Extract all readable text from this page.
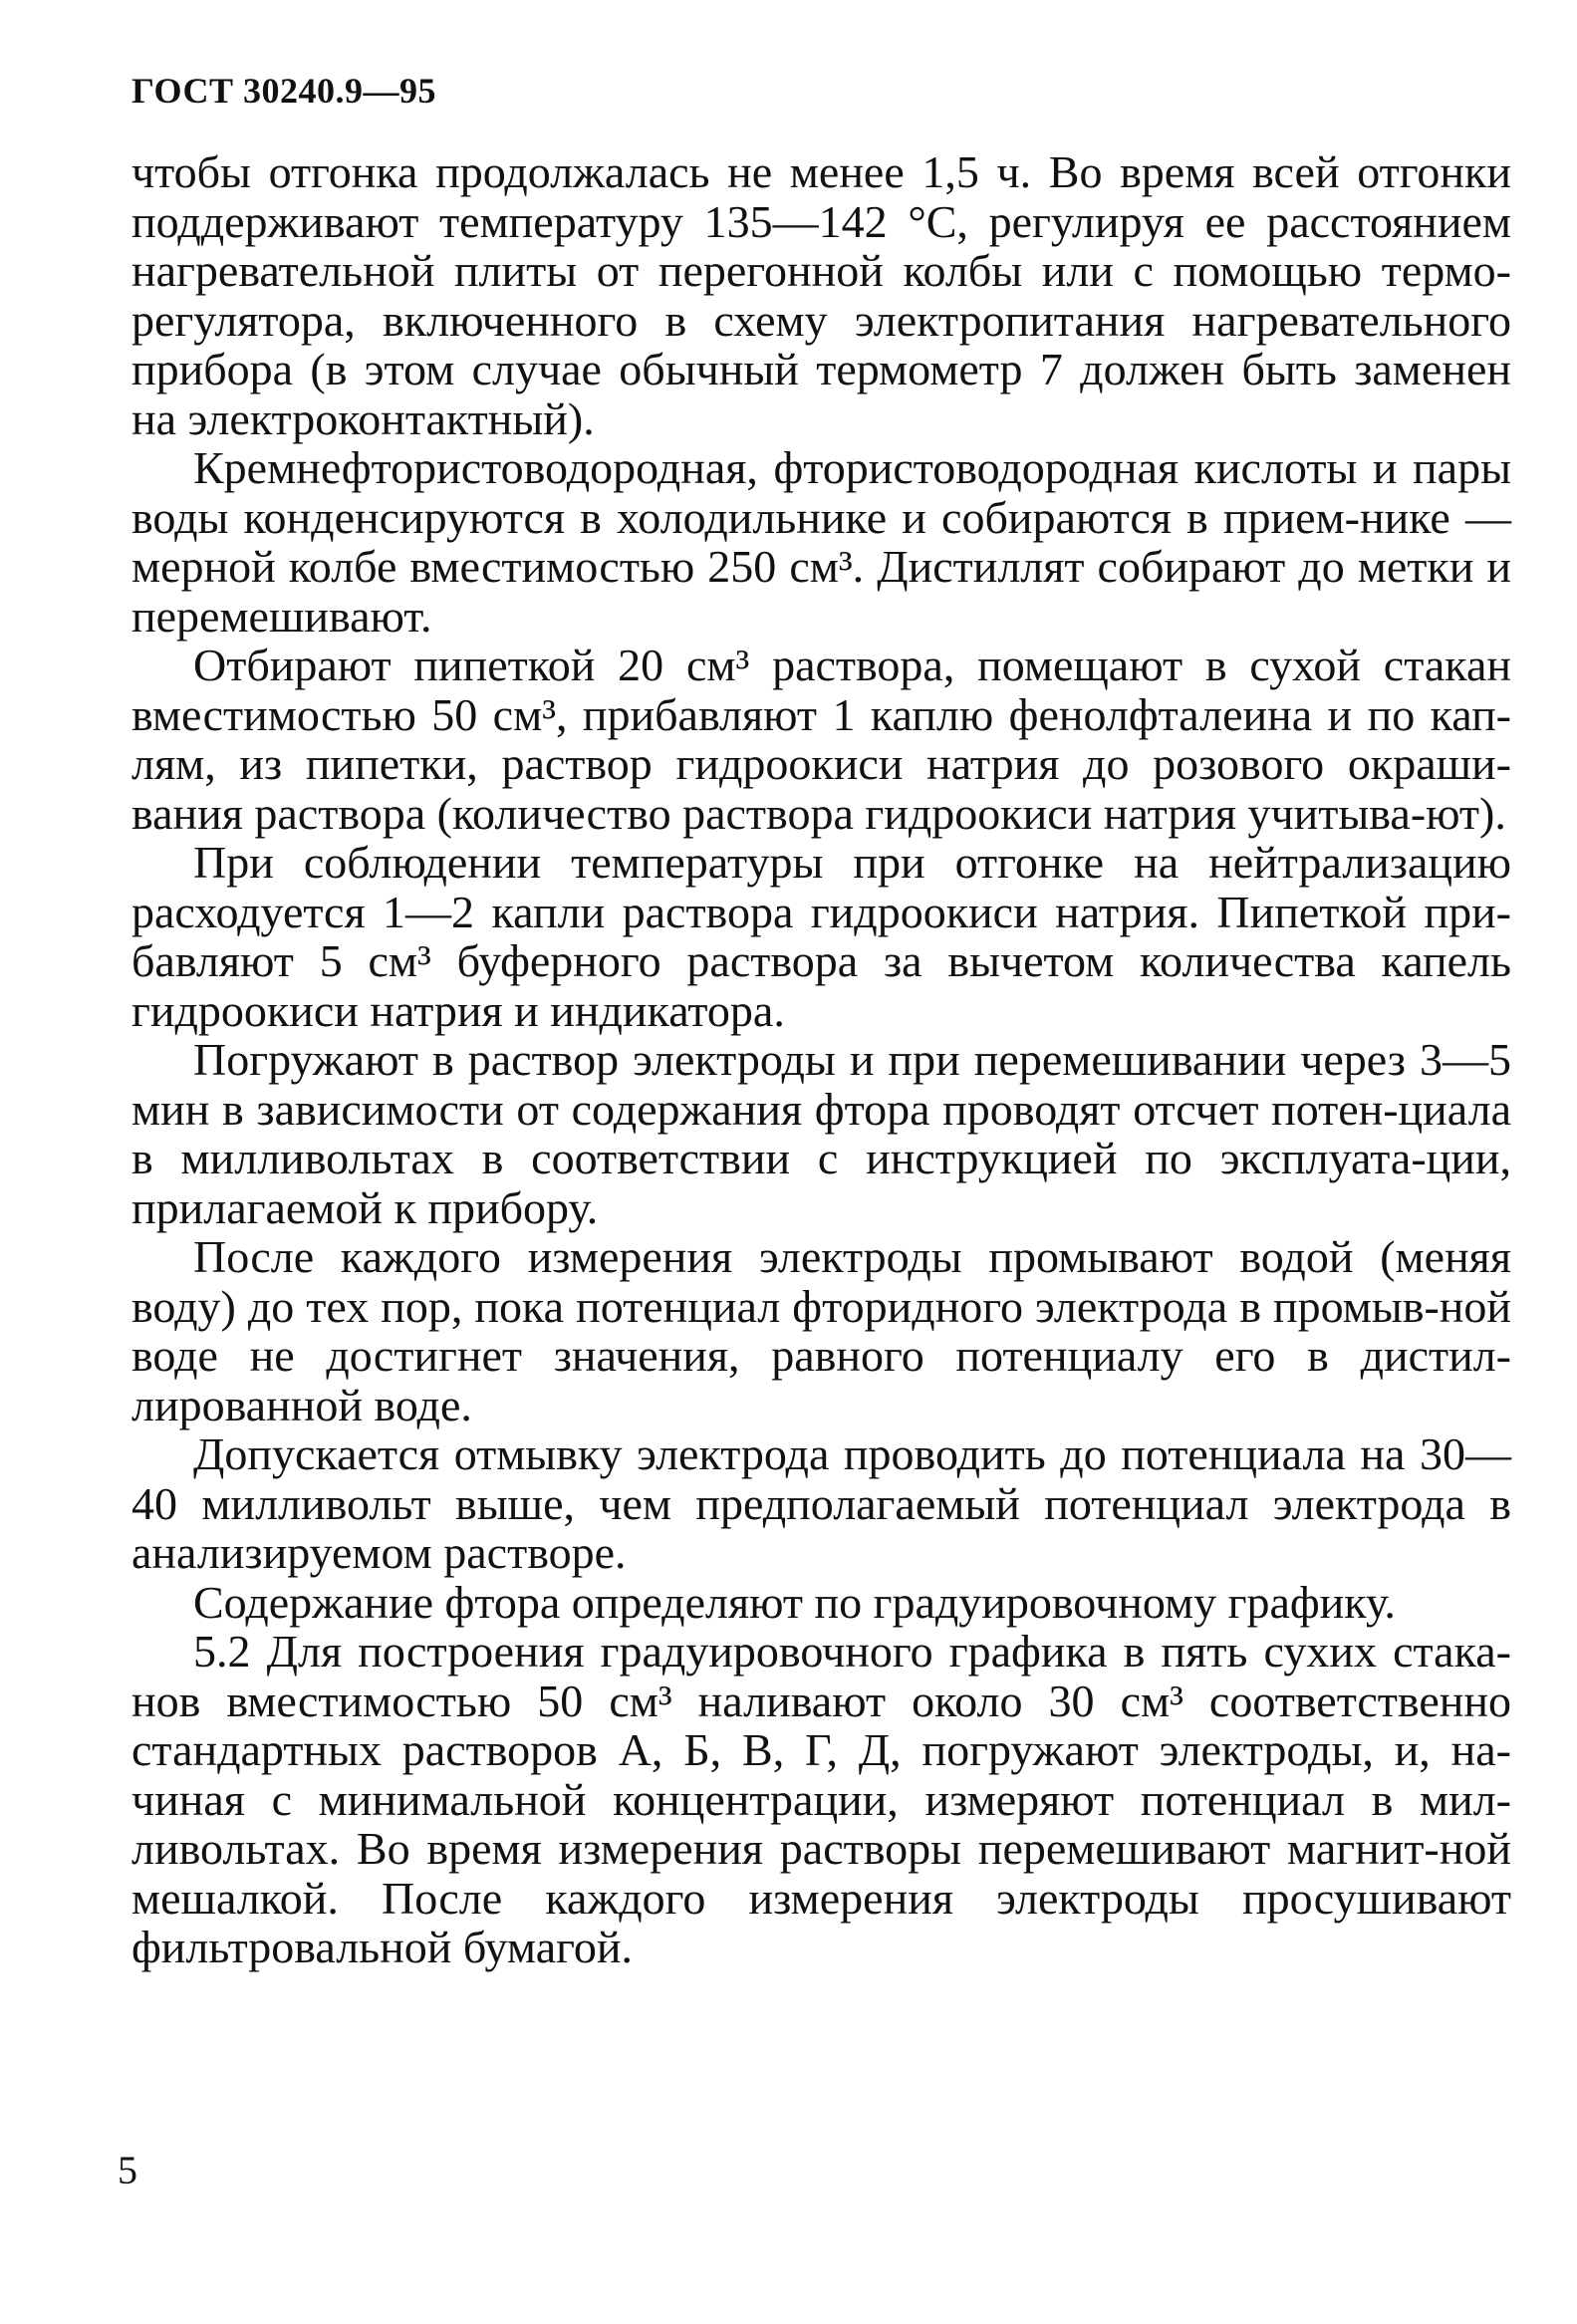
ГОСТ 30240.9—95

чтобы отгонка продолжалась не менее 1,5 ч. Во время всей отгонки поддерживают температуру 135—142 °С, регулируя ее расстоянием нагревательной плиты от перегонной колбы или с помощью термо-регулятора, включенного в схему электропитания нагревательного прибора (в этом случае обычный термометр 7 должен быть заменен на электроконтактный).

Кремнефтористоводородная, фтористоводородная кислоты и пары воды конденсируются в холодильнике и собираются в прием-нике — мерной колбе вместимостью 250 см³. Дистиллят собирают до метки и перемешивают.

Отбирают пипеткой 20 см³ раствора, помещают в сухой стакан вместимостью 50 см³, прибавляют 1 каплю фенолфталеина и по кап-лям, из пипетки, раствор гидроокиси натрия до розового окраши-вания раствора (количество раствора гидроокиси натрия учитыва-ют).

При соблюдении температуры при отгонке на нейтрализацию расходуется 1—2 капли раствора гидроокиси натрия. Пипеткой при-бавляют 5 см³ буферного раствора за вычетом количества капель гидроокиси натрия и индикатора.

Погружают в раствор электроды и при перемешивании через 3—5 мин в зависимости от содержания фтора проводят отсчет потен-циала в милливольтах в соответствии с инструкцией по эксплуата-ции, прилагаемой к прибору.

После каждого измерения электроды промывают водой (меняя воду) до тех пор, пока потенциал фторидного электрода в промыв-ной воде не достигнет значения, равного потенциалу его в дистил-лированной воде.

Допускается отмывку электрода проводить до потенциала на 30—40 милливольт выше, чем предполагаемый потенциал электрода в анализируемом растворе.

Содержание фтора определяют по градуировочному графику.

5.2 Для построения градуировочного графика в пять сухих стака-нов вместимостью 50 см³ наливают около 30 см³ соответственно стандартных растворов А, Б, В, Г, Д, погружают электроды, и, на-чиная с минимальной концентрации, измеряют потенциал в мил-ливольтах. Во время измерения растворы перемешивают магнит-ной мешалкой. После каждого измерения электроды просушивают фильтровальной бумагой.

5
